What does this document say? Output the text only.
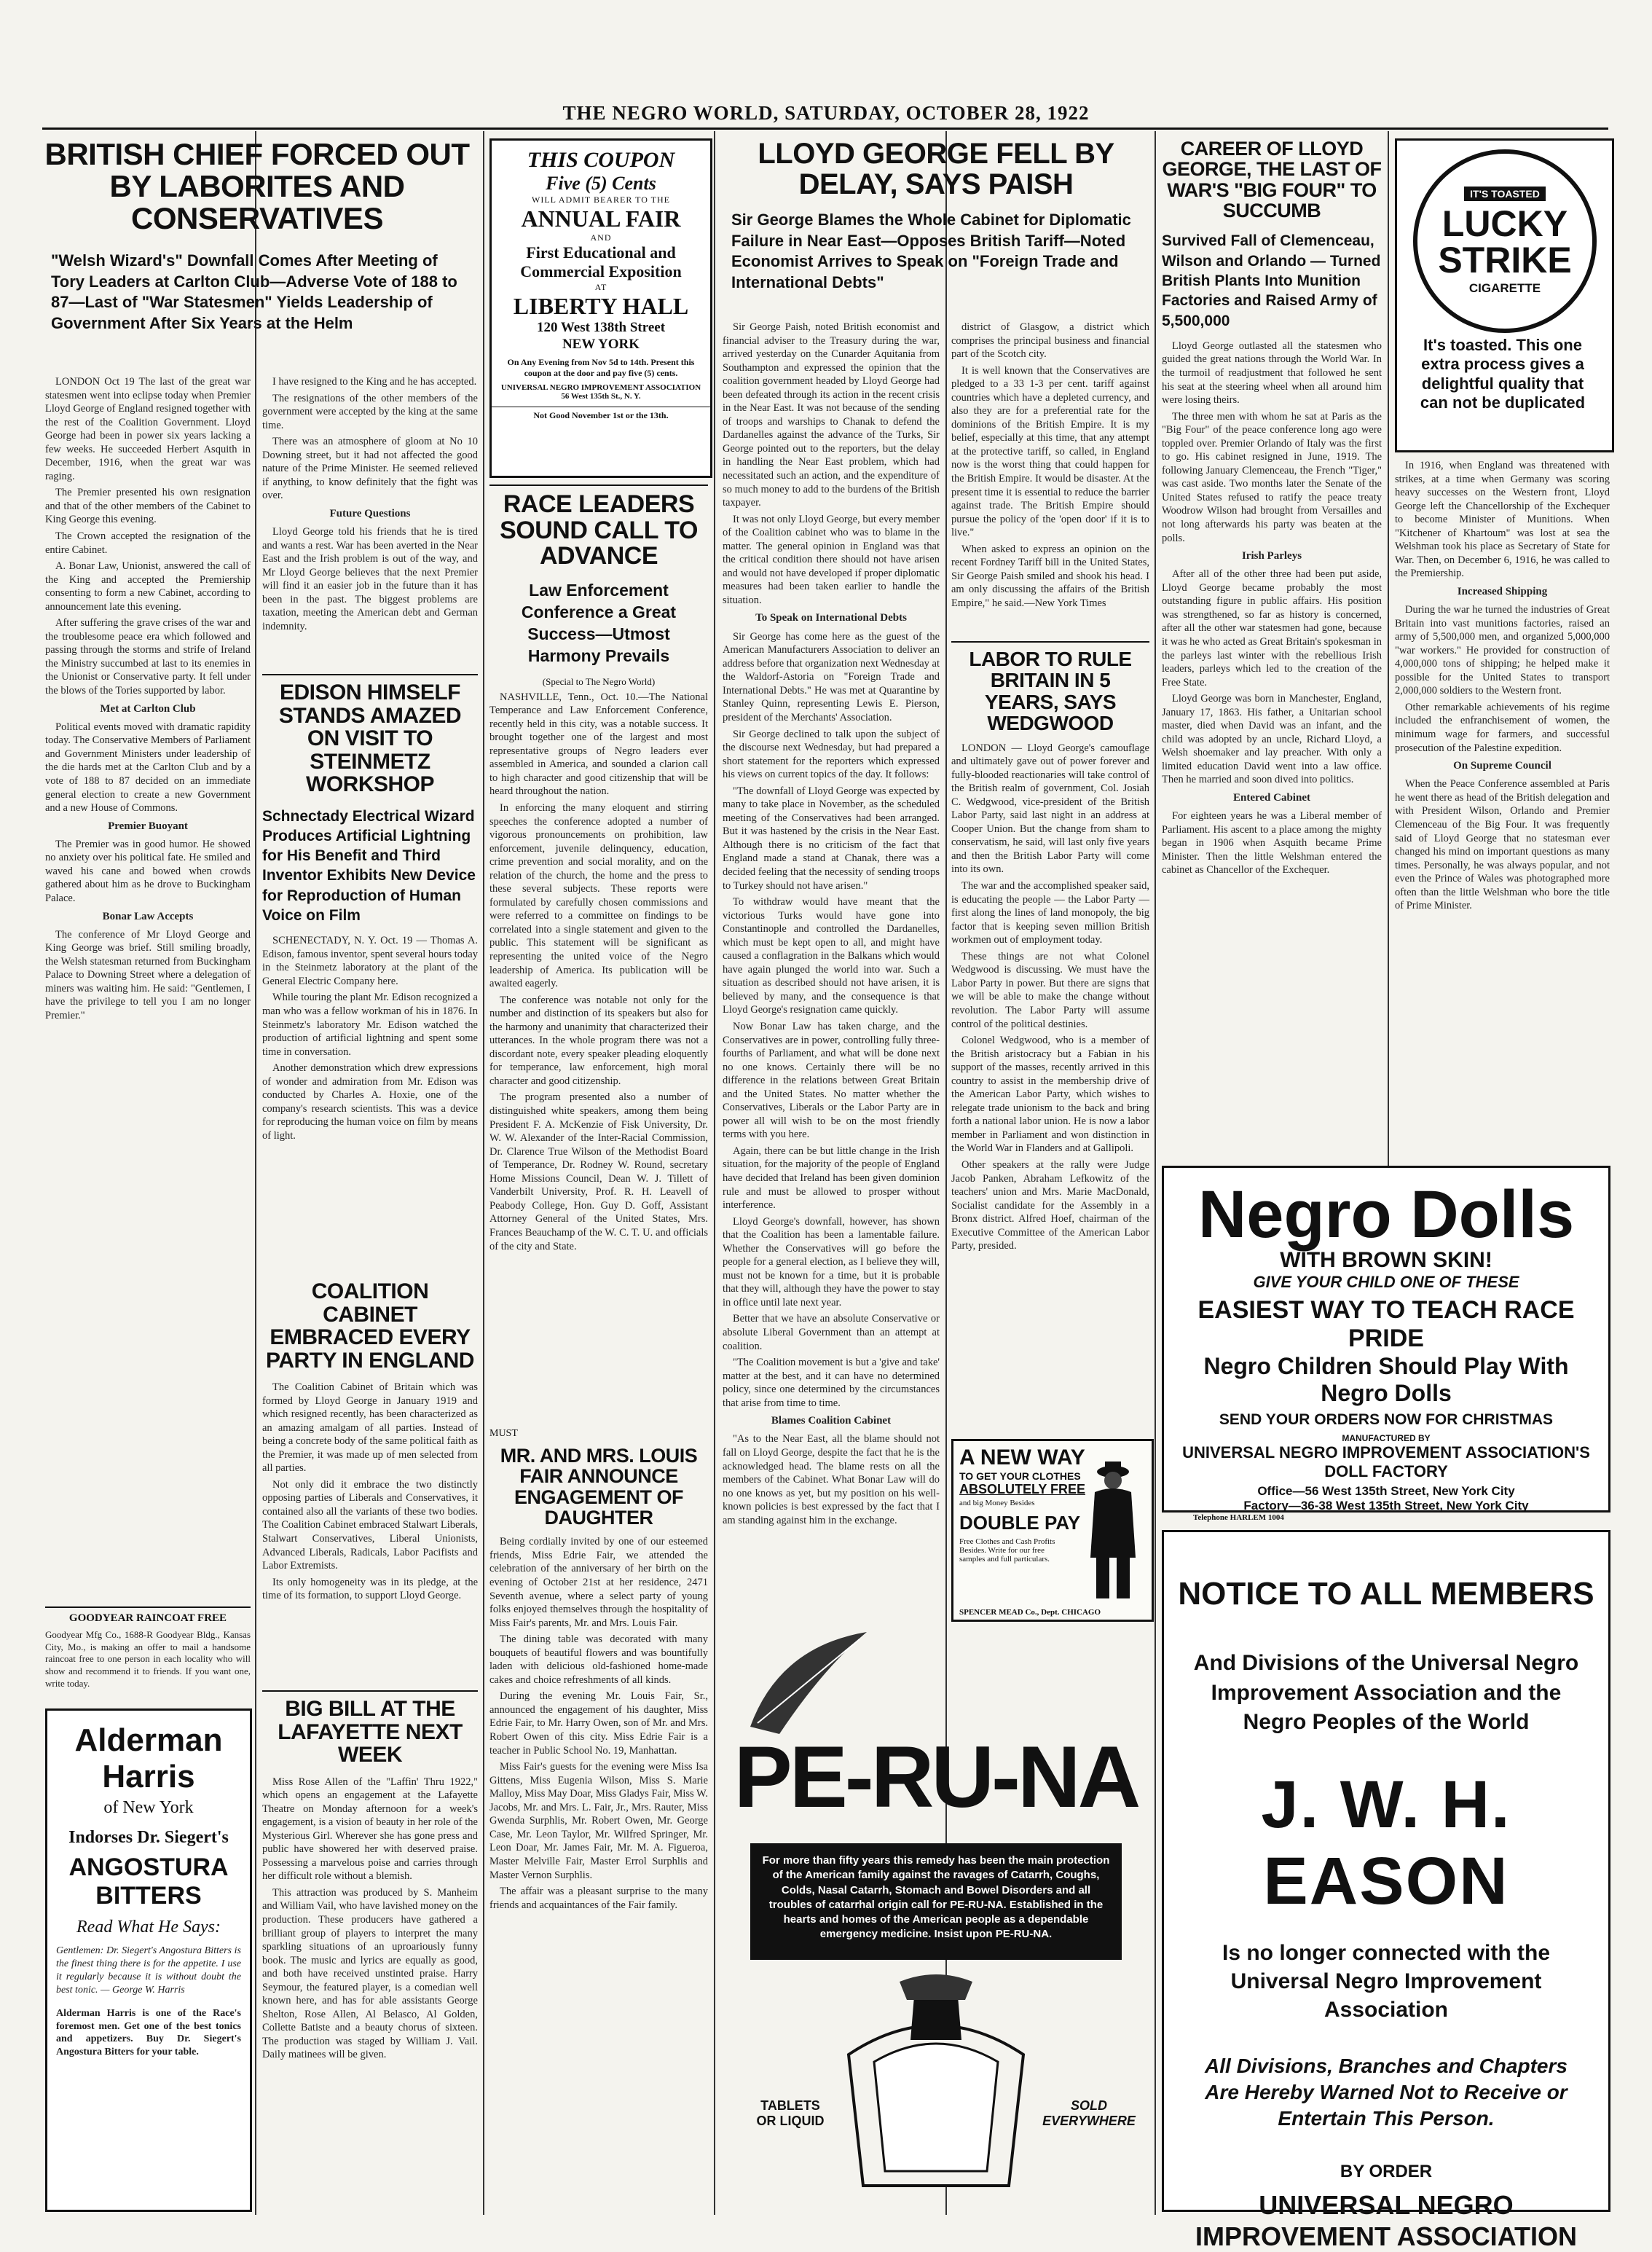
THE NEGRO WORLD, SATURDAY, OCTOBER 28, 1922
BRITISH CHIEF FORCED OUT BY LABORITES AND CONSERVATIVES
"Welsh Wizard's" Downfall Comes After Meeting of Tory Leaders at Carlton Club—Adverse Vote of 188 to 87—Last of "War Statesmen" Yields Leadership of Government After Six Years at the Helm

LONDON Oct 19 The last of the great war statesmen went into eclipse today when Premier Lloyd George of England resigned together with the rest of the Coalition Government. Lloyd George had been in power six years lacking a few weeks. He succeeded Herbert Asquith in December, 1916, when the great war was raging.

The Premier presented his own resignation and that of the other members of the Cabinet to King George this evening.

The Crown accepted the resignation of the entire Cabinet.

A. Bonar Law, Unionist, answered the call of the King and accepted the Premiership consenting to form a new Cabinet, according to announcement late this evening.

After suffering the grave crises of the war and the troublesome peace era which followed and passing through the storms and strife of Ireland the Ministry succumbed at last to its enemies in the Unionist or Conservative party. It fell under the blows of the Tories supported by labor.

Met at Carlton Club

Political events moved with dramatic rapidity today. The Conservative Members of Parliament and Government Ministers under leadership of the die hards met at the Carlton Club and by a vote of 188 to 87 decided on an immediate general election to create a new Government and a new House of Commons.

Premier Buoyant

The Premier was in good humor. He showed no anxiety over his political fate. He smiled and waved his cane and bowed when crowds gathered about him as he drove to Buckingham Palace.

Bonar Law Accepts

The conference of Mr Lloyd George and King George was brief. Still smiling broadly, the Welsh statesman returned from Buckingham Palace to Downing Street where a delegation of miners was waiting him. He said: "Gentlemen, I have the privilege to tell you I am no longer Premier."

GOODYEAR RAINCOAT FREE
Goodyear Mfg Co., 1688-R Goodyear Bldg., Kansas City, Mo., is making an offer to mail a handsome raincoat free to one person in each locality who will show and recommend it to friends. If you want one, write today.
Alderman
Harris
of New York
Indorses Dr. Siegert's
ANGOSTURA
BITTERS
Read What He Says:
Gentlemen: Dr. Siegert's Angostura Bitters is the finest thing there is for the appetite. I use it regularly because it is without doubt the best tonic. — George W. Harris
Alderman Harris is one of the Race's foremost men. Get one of the best tonics and appetizers. Buy Dr. Siegert's Angostura Bitters for your table.

I have resigned to the King and he has accepted.

The resignations of the other members of the government were accepted by the king at the same time.

There was an atmosphere of gloom at No 10 Downing street, but it had not affected the good nature of the Prime Minister. He seemed relieved if anything, to know definitely that the fight was over.

Future Questions

Lloyd George told his friends that he is tired and wants a rest. War has been averted in the Near East and the Irish problem is out of the way, and Mr Lloyd George believes that the next Premier will find it an easier job in the future than it has been in the past. The biggest problems are taxation, meeting the American debt and German indemnity.

EDISON HIMSELF STANDS AMAZED ON VISIT TO STEINMETZ WORKSHOP
Schnectady Electrical Wizard Produces Artificial Lightning for His Benefit and Third Inventor Exhibits New Device for Reproduction of Human Voice on Film

SCHENECTADY, N. Y. Oct. 19 — Thomas A. Edison, famous inventor, spent several hours today in the Steinmetz laboratory at the plant of the General Electric Company here.

While touring the plant Mr. Edison recognized a man who was a fellow workman of his in 1876. In Steinmetz's laboratory Mr. Edison watched the production of artificial lightning and spent some time in conversation.

Another demonstration which drew expressions of wonder and admiration from Mr. Edison was conducted by Charles A. Hoxie, one of the company's research scientists. This was a device for reproducing the human voice on film by means of light.

COALITION CABINET EMBRACED EVERY PARTY IN ENGLAND

The Coalition Cabinet of Britain which was formed by Lloyd George in January 1919 and which resigned recently, has been characterized as an amazing amalgam of all parties. Instead of being a concrete body of the same political faith as the Premier, it was made up of men selected from all parties.

Not only did it embrace the two distinctly opposing parties of Liberals and Conservatives, it contained also all the variants of these two bodies. The Coalition Cabinet embraced Stalwart Liberals, Stalwart Conservatives, Liberal Unionists, Advanced Liberals, Radicals, Labor Pacifists and Labor Extremists.

Its only homogeneity was in its pledge, at the time of its formation, to support Lloyd George.

BIG BILL AT THE LAFAYETTE NEXT WEEK

Miss Rose Allen of the "Laffin' Thru 1922," which opens an engagement at the Lafayette Theatre on Monday afternoon for a week's engagement, is a vision of beauty in her role of the Mysterious Girl. Wherever she has gone press and public have showered her with deserved praise. Possessing a marvelous poise and carries through her difficult role without a blemish.

This attraction was produced by S. Manheim and William Vail, who have lavished money on the production. These producers have gathered a brilliant group of players to interpret the many sparkling situations of an uproariously funny book. The music and lyrics are equally as good, and both have received unstinted praise. Harry Seymour, the featured player, is a comedian well known here, and has for able assistants George Shelton, Rose Allen, Al Belasco, Al Golden, Collette Batiste and a beauty chorus of sixteen. The production was staged by William J. Vail. Daily matinees will be given.

THIS COUPON
Five (5) Cents
WILL ADMIT BEARER TO THE
ANNUAL FAIR
AND
First Educational and Commercial Exposition
AT
LIBERTY HALL
120 West 138th Street
NEW YORK
On Any Evening from Nov 5d to 14th. Present this coupon at the door and pay five (5) cents.
UNIVERSAL NEGRO IMPROVEMENT ASSOCIATION 56 West 135th St., N. Y.
Not Good November 1st or the 13th.
RACE LEADERS SOUND CALL TO ADVANCE
Law Enforcement Conference a Great Success—Utmost Harmony Prevails
(Special to The Negro World)

NASHVILLE, Tenn., Oct. 10.—The National Temperance and Law Enforcement Conference, recently held in this city, was a notable success. It brought together one of the largest and most representative groups of Negro leaders ever assembled in America, and sounded a clarion call to high character and good citizenship that will be heard throughout the nation.

In enforcing the many eloquent and stirring speeches the conference adopted a number of vigorous pronouncements on prohibition, law enforcement, juvenile delinquency, education, crime prevention and social morality, and on the relation of the church, the home and the press to these several subjects. These reports were formulated by carefully chosen commissions and were referred to a committee on findings to be correlated into a single statement and given to the public. This statement will be significant as representing the united voice of the Negro leadership of America. Its publication will be awaited eagerly.

The conference was notable not only for the number and distinction of its speakers but also for the harmony and unanimity that characterized their utterances. In the whole program there was not a discordant note, every speaker pleading eloquently for temperance, law enforcement, high moral character and good citizenship.

The program presented also a number of distinguished white speakers, among them being President F. A. McKenzie of Fisk University, Dr. W. W. Alexander of the Inter-Racial Commission, Dr. Clarence True Wilson of the Methodist Board of Temperance, Dr. Rodney W. Round, secretary Home Missions Council, Dean W. J. Tillett of Vanderbilt University, Prof. R. H. Leavell of Peabody College, Hon. Guy D. Goff, Assistant Attorney General of the United States, Mrs. Frances Beauchamp of the W. C. T. U. and officials of the city and State.

MUST
MR. AND MRS. LOUIS FAIR ANNOUNCE ENGAGEMENT OF DAUGHTER

Being cordially invited by one of our esteemed friends, Miss Edrie Fair, we attended the celebration of the anniversary of her birth on the evening of October 21st at her residence, 2471 Seventh avenue, where a select party of young folks enjoyed themselves through the hospitality of Miss Fair's parents, Mr. and Mrs. Louis Fair.

The dining table was decorated with many bouquets of beautiful flowers and was bountifully laden with delicious old-fashioned home-made cakes and choice refreshments of all kinds.

During the evening Mr. Louis Fair, Sr., announced the engagement of his daughter, Miss Edrie Fair, to Mr. Harry Owen, son of Mr. and Mrs. Robert Owen of this city. Miss Edrie Fair is a teacher in Public School No. 19, Manhattan.

Miss Fair's guests for the evening were Miss Isa Gittens, Miss Eugenia Wilson, Miss S. Marie Malloy, Miss May Doar, Miss Gladys Fair, Miss W. Jacobs, Mr. and Mrs. L. Fair, Jr., Mrs. Rauter, Miss Gwenda Surphlis, Mr. Robert Owen, Mr. George Case, Mr. Leon Taylor, Mr. Wilfred Springer, Mr. Leon Doar, Mr. James Fair, Mr. M. A. Figueroa, Master Melville Fair, Master Errol Surphlis and Master Vernon Surphlis.

The affair was a pleasant surprise to the many friends and acquaintances of the Fair family.

LLOYD GEORGE FELL BY DELAY, SAYS PAISH
Sir George Blames the Whole Cabinet for Diplomatic Failure in Near East—Opposes British Tariff—Noted Economist Arrives to Speak on "Foreign Trade and International Debts"

Sir George Paish, noted British economist and financial adviser to the Treasury during the war, arrived yesterday on the Cunarder Aquitania from Southampton and expressed the opinion that the coalition government headed by Lloyd George had been defeated through its action in the recent crisis in the Near East. It was not because of the sending of troops and warships to Chanak to defend the Dardanelles against the advance of the Turks, Sir George pointed out to the reporters, but the delay in handling the Near East problem, which had necessitated such an action, and the expenditure of so much money to add to the burdens of the British taxpayer.

It was not only Lloyd George, but every member of the Coalition cabinet who was to blame in the matter. The general opinion in England was that the critical condition there should not have arisen and would not have developed if proper diplomatic measures had been taken earlier to handle the situation.

To Speak on International Debts

Sir George has come here as the guest of the American Manufacturers Association to deliver an address before that organization next Wednesday at the Waldorf-Astoria on "Foreign Trade and International Debts." He was met at Quarantine by Stanley Quinn, representing Lewis E. Pierson, president of the Merchants' Association.

Sir George declined to talk upon the subject of the discourse next Wednesday, but had prepared a short statement for the reporters which expressed his views on current topics of the day. It follows:

"The downfall of Lloyd George was expected by many to take place in November, as the scheduled meeting of the Conservatives had been arranged. But it was hastened by the crisis in the Near East. Although there is no criticism of the fact that England made a stand at Chanak, there was a decided feeling that the necessity of sending troops to Turkey should not have arisen."

To withdraw would have meant that the victorious Turks would have gone into Constantinople and controlled the Dardanelles, which must be kept open to all, and might have caused a conflagration in the Balkans which would have again plunged the world into war. Such a situation as described should not have arisen, it is believed by many, and the consequence is that Lloyd George's resignation came quickly.

Now Bonar Law has taken charge, and the Conservatives are in power, controlling fully three-fourths of Parliament, and what will be done next no one knows. Certainly there will be no difference in the relations between Great Britain and the United States. No matter whether the Conservatives, Liberals or the Labor Party are in power all will wish to be on the most friendly terms with you here.

Again, there can be but little change in the Irish situation, for the majority of the people of England have decided that Ireland has been given dominion rule and must be allowed to prosper without interference.

Lloyd George's downfall, however, has shown that the Coalition has been a lamentable failure. Whether the Conservatives will go before the people for a general election, as I believe they will, must not be known for a time, but it is probable that they will, although they have the power to stay in office until late next year.

Better that we have an absolute Conservative or absolute Liberal Government than an attempt at coalition.

"The Coalition movement is but a 'give and take' matter at the best, and it can have no determined policy, since one determined by the circumstances that arise from time to time.

Blames Coalition Cabinet

"As to the Near East, all the blame should not fall on Lloyd George, despite the fact that he is the acknowledged head. The blame rests on all the members of the Cabinet. What Bonar Law will do no one knows as yet, but my position on his well-known policies is best expressed by the fact that I am standing against him in the exchange.

district of Glasgow, a district which comprises the principal business and financial part of the Scotch city.

It is well known that the Conservatives are pledged to a 33 1-3 per cent. tariff against countries which have a depleted currency, and also they are for a preferential rate for the dominions of the British Empire. It is my belief, especially at this time, that any attempt at the protective tariff, so called, in England now is the worst thing that could happen for the British Empire. It would be disaster. At the present time it is essential to reduce the barrier against trade. The British Empire should pursue the policy of the 'open door' if it is to live."

When asked to express an opinion on the recent Fordney Tariff bill in the United States, Sir George Paish smiled and shook his head. I am only discussing the affairs of the British Empire," he said.—New York Times

LABOR TO RULE BRITAIN IN 5 YEARS, SAYS WEDGWOOD

LONDON — Lloyd George's camouflage and ultimately gave out of power forever and fully-blooded reactionaries will take control of the British realm of government, Col. Josiah C. Wedgwood, vice-president of the British Labor Party, said last night in an address at Cooper Union. But the change from sham to conservatism, he said, will last only five years and then the British Labor Party will come into its own.

The war and the accomplished speaker said, is educating the people — the Labor Party — first along the lines of land monopoly, the big factor that is keeping seven million British workmen out of employment today.

These things are not what Colonel Wedgwood is discussing. We must have the Labor Party in power. But there are signs that we will be able to make the change without revolution. The Labor Party will assume control of the political destinies.

Colonel Wedgwood, who is a member of the British aristocracy but a Fabian in his support of the masses, recently arrived in this country to assist in the membership drive of the American Labor Party, which wishes to relegate trade unionism to the back and bring forth a national labor union. He is now a labor member in Parliament and won distinction in the World War in Flanders and at Gallipoli.

Other speakers at the rally were Judge Jacob Panken, Abraham Lefkowitz of the teachers' union and Mrs. Marie MacDonald, Socialist candidate for the Assembly in a Bronx district. Alfred Hoef, chairman of the Executive Committee of the American Labor Party, presided.

A NEW WAY
TO GET YOUR CLOTHES
ABSOLUTELY FREE
and big Money Besides
DOUBLE PAY
Free Clothes and Cash Profits Besides. Write for our free samples and full particulars.
SPENCER MEAD Co., Dept. CHICAGO
PE-RU-NA
For more than fifty years this remedy has been the main protection of the American family against the ravages of Catarrh, Coughs, Colds, Nasal Catarrh, Stomach and Bowel Disorders and all troubles of catarrhal origin call for PE-RU-NA. Established in the hearts and homes of the American people as a dependable emergency medicine. Insist upon PE-RU-NA.
TABLETS OR LIQUID
SOLD EVERYWHERE
CAREER OF LLOYD GEORGE, THE LAST OF WAR'S "BIG FOUR" TO SUCCUMB
Survived Fall of Clemenceau, Wilson and Orlando — Turned British Plants Into Munition Factories and Raised Army of 5,500,000

Lloyd George outlasted all the statesmen who guided the great nations through the World War. In the turmoil of readjustment that followed he sent his seat at the steering wheel when all around him were losing theirs.

The three men with whom he sat at Paris as the "Big Four" of the peace conference long ago were toppled over. Premier Orlando of Italy was the first to go. His cabinet resigned in June, 1919. The following January Clemenceau, the French "Tiger," was cast aside. Two months later the Senate of the United States refused to ratify the peace treaty Woodrow Wilson had brought from Versailles and not long afterwards his party was beaten at the polls.

Irish Parleys

After all of the other three had been put aside, Lloyd George became probably the most outstanding figure in public affairs. His position was strengthened, so far as history is concerned, after all the other war statesmen had gone, because it was he who acted as Great Britain's spokesman in the parleys last winter with the rebellious Irish leaders, parleys which led to the creation of the Free State.

Lloyd George was born in Manchester, England, January 17, 1863. His father, a Unitarian school master, died when David was an infant, and the child was adopted by an uncle, Richard Lloyd, a Welsh shoemaker and lay preacher. With only a limited education David went into a law office. Then he married and soon dived into politics.

Entered Cabinet

For eighteen years he was a Liberal member of Parliament. His ascent to a place among the mighty began in 1906 when Asquith became Prime Minister. Then the little Welshman entered the cabinet as Chancellor of the Exchequer.

IT'S TOASTED
LUCKY
STRIKE
CIGARETTE
It's toasted. This one extra process gives a delightful quality that can not be duplicated

In 1916, when England was threatened with strikes, at a time when Germany was scoring heavy successes on the Western front, Lloyd George left the Chancellorship of the Exchequer to become Minister of Munitions. When "Kitchener of Khartoum" was lost at sea the Welshman took his place as Secretary of State for War. Then, on December 6, 1916, he was called to the Premiership.

Increased Shipping

During the war he turned the industries of Great Britain into vast munitions factories, raised an army of 5,500,000 men, and organized 5,000,000 "war workers." He provided for construction of 4,000,000 tons of shipping; he helped make it possible for the United States to transport 2,000,000 soldiers to the Western front.

Other remarkable achievements of his regime included the enfranchisement of women, the minimum wage for farmers, and successful prosecution of the Palestine expedition.

On Supreme Council

When the Peace Conference assembled at Paris he went there as head of the British delegation and with President Wilson, Orlando and Premier Clemenceau of the Big Four. It was frequently said of Lloyd George that no statesman ever changed his mind on important questions as many times. Personally, he was always popular, and not even the Prince of Wales was photographed more often than the little Welshman who bore the title of Prime Minister.

Negro Dolls
WITH BROWN SKIN!
GIVE YOUR CHILD ONE OF THESE
EASIEST WAY TO TEACH RACE PRIDE
Negro Children Should Play With Negro Dolls
SEND YOUR ORDERS NOW FOR CHRISTMAS
MANUFACTURED BY
UNIVERSAL NEGRO IMPROVEMENT ASSOCIATION'S DOLL FACTORY
Office—56 West 135th Street, New York City
Factory—36-38 West 135th Street, New York City
Telephone HARLEM 1004
NOTICE TO ALL MEMBERS
And Divisions of the Universal Negro Improvement Association and the Negro Peoples of the World
J. W. H. EASON
Is no longer connected with the Universal Negro Improvement Association
All Divisions, Branches and Chapters Are Hereby Warned Not to Receive or Entertain This Person.
BY ORDER
UNIVERSAL NEGRO IMPROVEMENT ASSOCIATION
